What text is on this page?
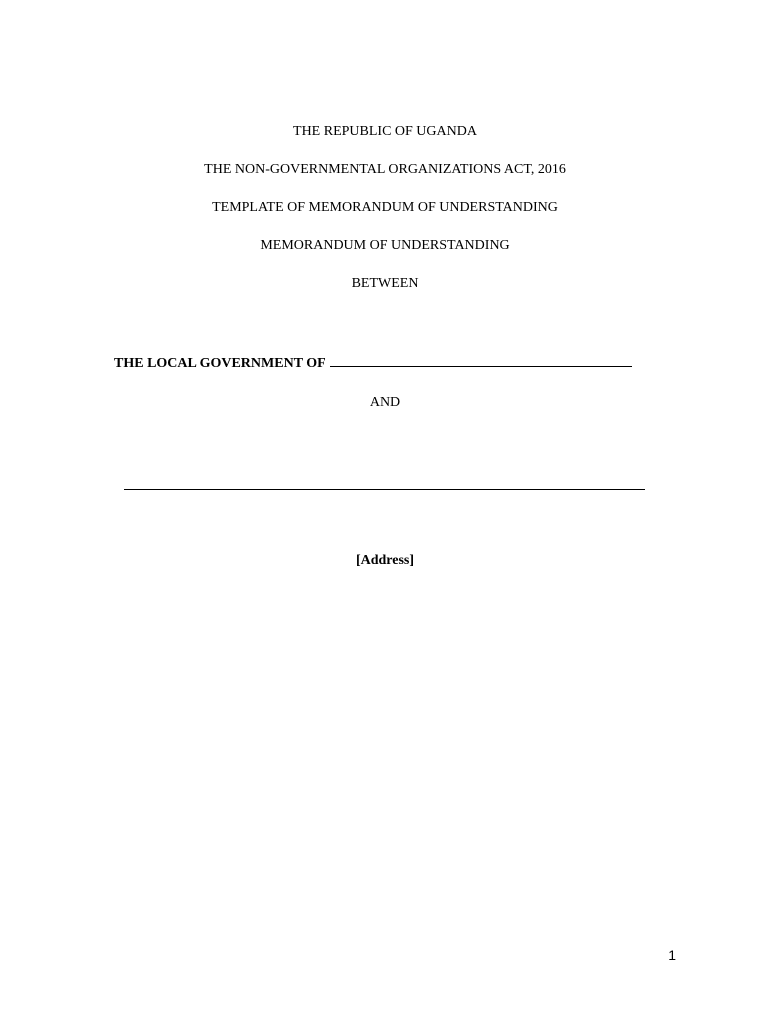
THE REPUBLIC OF UGANDA
THE NON-GOVERNMENTAL ORGANIZATIONS ACT, 2016
TEMPLATE OF MEMORANDUM OF UNDERSTANDING
MEMORANDUM OF UNDERSTANDING
BETWEEN
THE LOCAL GOVERNMENT OF
AND
[Address]
1
